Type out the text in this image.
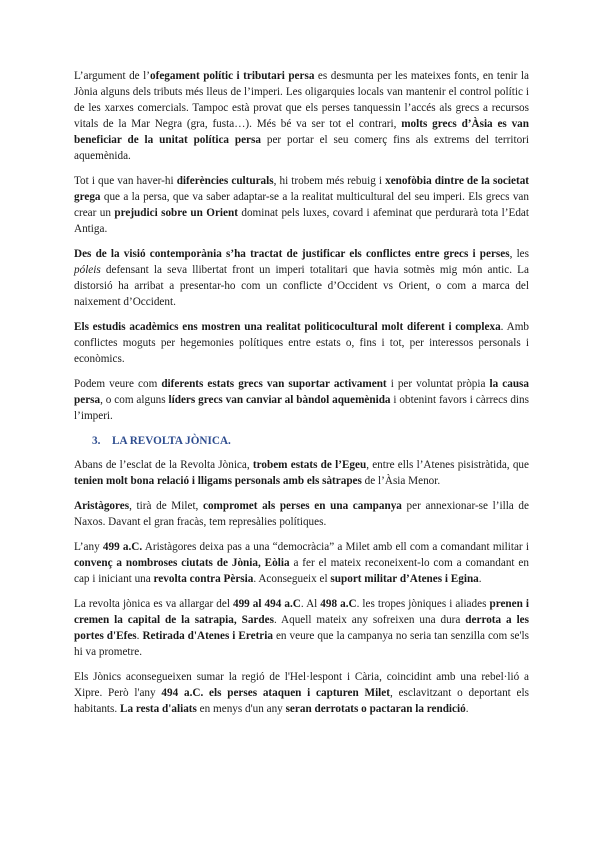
L’argument de l’ofegament polític i tributari persa es desmunta per les mateixes fonts, en tenir la Jònia alguns dels tributs més lleus de l’imperi. Les oligarquies locals van mantenir el control polític i de les xarxes comercials. Tampoc està provat que els perses tanquessin l’accés als grecs a recursos vitals de la Mar Negra (gra, fusta…). Més bé va ser tot el contrari, molts grecs d’Àsia es van beneficiar de la unitat política persa per portar el seu comerç fins als extrems del territori aquemènida.

Tot i que van haver-hi diferències culturals, hi trobem més rebuig i xenofòbia dintre de la societat grega que a la persa, que va saber adaptar-se a la realitat multicultural del seu imperi. Els grecs van crear un prejudici sobre un Orient dominat pels luxes, covard i afeminat que perdurarà tota l’Edat Antiga.

Des de la visió contemporània s’ha tractat de justificar els conflictes entre grecs i perses, les póleis defensant la seva llibertat front un imperi totalitari que havia sotmès mig món antic. La distorsió ha arribat a presentar-ho com un conflicte d’Occident vs Orient, o com a marca del naixement d’Occident.

Els estudis acadèmics ens mostren una realitat politicocultural molt diferent i complexa. Amb conflictes moguts per hegemonies polítiques entre estats o, fins i tot, per interessos personals i econòmics.

Podem veure com diferents estats grecs van suportar activament i per voluntat pròpia la causa persa, o com alguns líders grecs van canviar al bàndol aquemènida i obtenint favors i càrrecs dins l’imperi.

3. LA REVOLTA JÒNICA.

Abans de l’esclat de la Revolta Jònica, trobem estats de l’Egeu, entre ells l’Atenes pisistràtida, que tenien molt bona relació i lligams personals amb els sàtrapes de l’Àsia Menor.

Aristàgores, tirà de Milet, compromet als perses en una campanya per annexionar-se l’illa de Naxos. Davant el gran fracàs, tem represàlies polítiques.

L’any 499 a.C. Aristàgores deixa pas a una “democràcia” a Milet amb ell com a comandant militar i convenç a nombroses ciutats de Jònia, Eòlia a fer el mateix reconeixent-lo com a comandant en cap i iniciant una revolta contra Pèrsia. Aconsegueix el suport militar d’Atenes i Egina.

La revolta jònica es va allargar del 499 al 494 a.C. Al 498 a.C. les tropes jòniques i aliades prenen i cremen la capital de la satrapia, Sardes. Aquell mateix any sofreixen una dura derrota a les portes d'Efes. Retirada d'Atenes i Eretria en veure que la campanya no seria tan senzilla com se'ls hi va prometre.

Els Jònics aconsegueixen sumar la regió de l'Hel·lespont i Cària, coincidint amb una rebel·lió a Xipre. Però l'any 494 a.C. els perses ataquen i capturen Milet, esclavitzant o deportant els habitants. La resta d'aliats en menys d'un any seran derrotats o pactaran la rendició.
